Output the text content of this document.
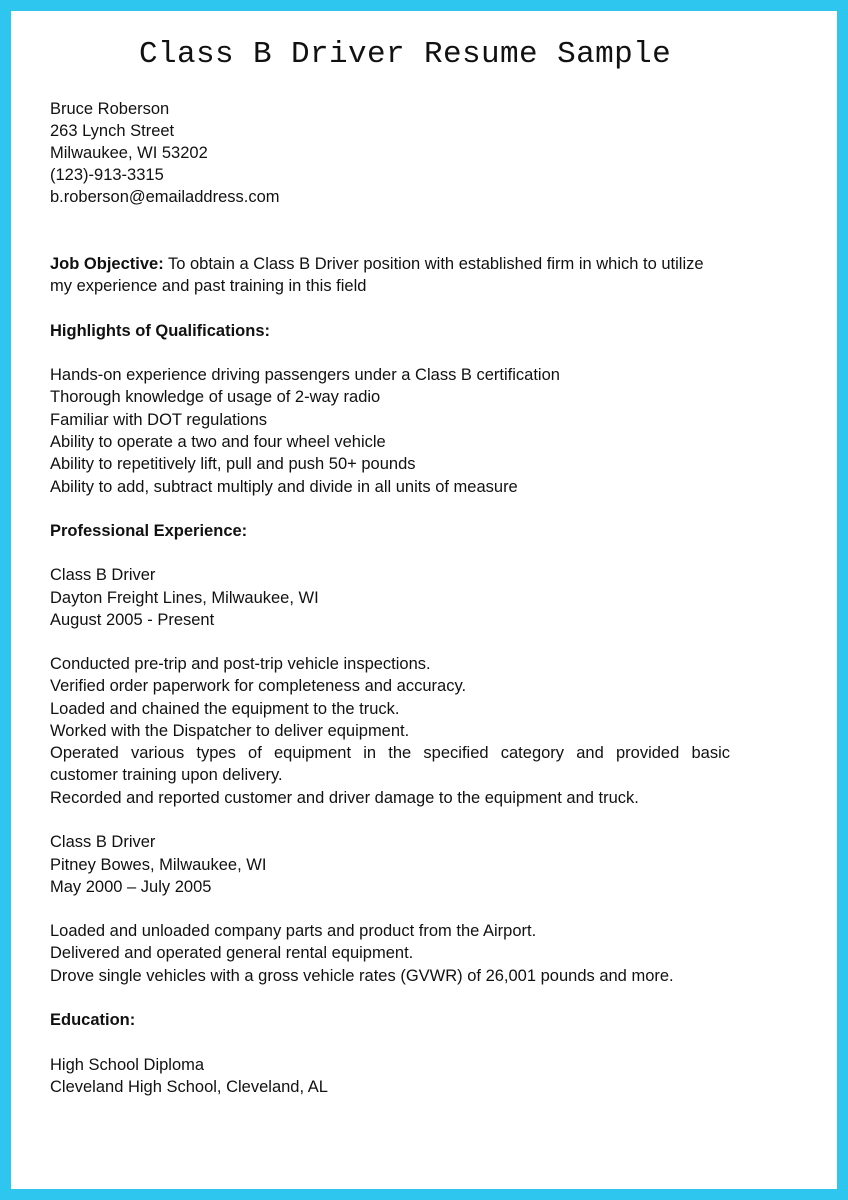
Class B Driver Resume Sample
Bruce Roberson
263 Lynch Street
Milwaukee, WI 53202
(123)-913-3315
b.roberson@emailaddress.com
Job Objective: To obtain a Class B Driver position with established firm in which to utilize
my experience and past training in this field
Highlights of Qualifications:
Hands-on experience driving passengers under a Class B certification
Thorough knowledge of usage of 2-way radio
Familiar with DOT regulations
Ability to operate a two and four wheel vehicle
Ability to repetitively lift, pull and push 50+ pounds
Ability to add, subtract multiply and divide in all units of measure
Professional Experience:
Class B Driver
Dayton Freight Lines, Milwaukee, WI
August 2005 - Present
Conducted pre-trip and post-trip vehicle inspections.
Verified order paperwork for completeness and accuracy.
Loaded and chained the equipment to the truck.
Worked with the Dispatcher to deliver equipment.
Operated various types of equipment in the specified category and provided basic
customer training upon delivery.
Recorded and reported customer and driver damage to the equipment and truck.
Class B Driver
Pitney Bowes, Milwaukee, WI
May 2000 – July 2005
Loaded and unloaded company parts and product from the Airport.
Delivered and operated general rental equipment.
Drove single vehicles with a gross vehicle rates (GVWR) of 26,001 pounds and more.
Education:
High School Diploma
Cleveland High School, Cleveland, AL
